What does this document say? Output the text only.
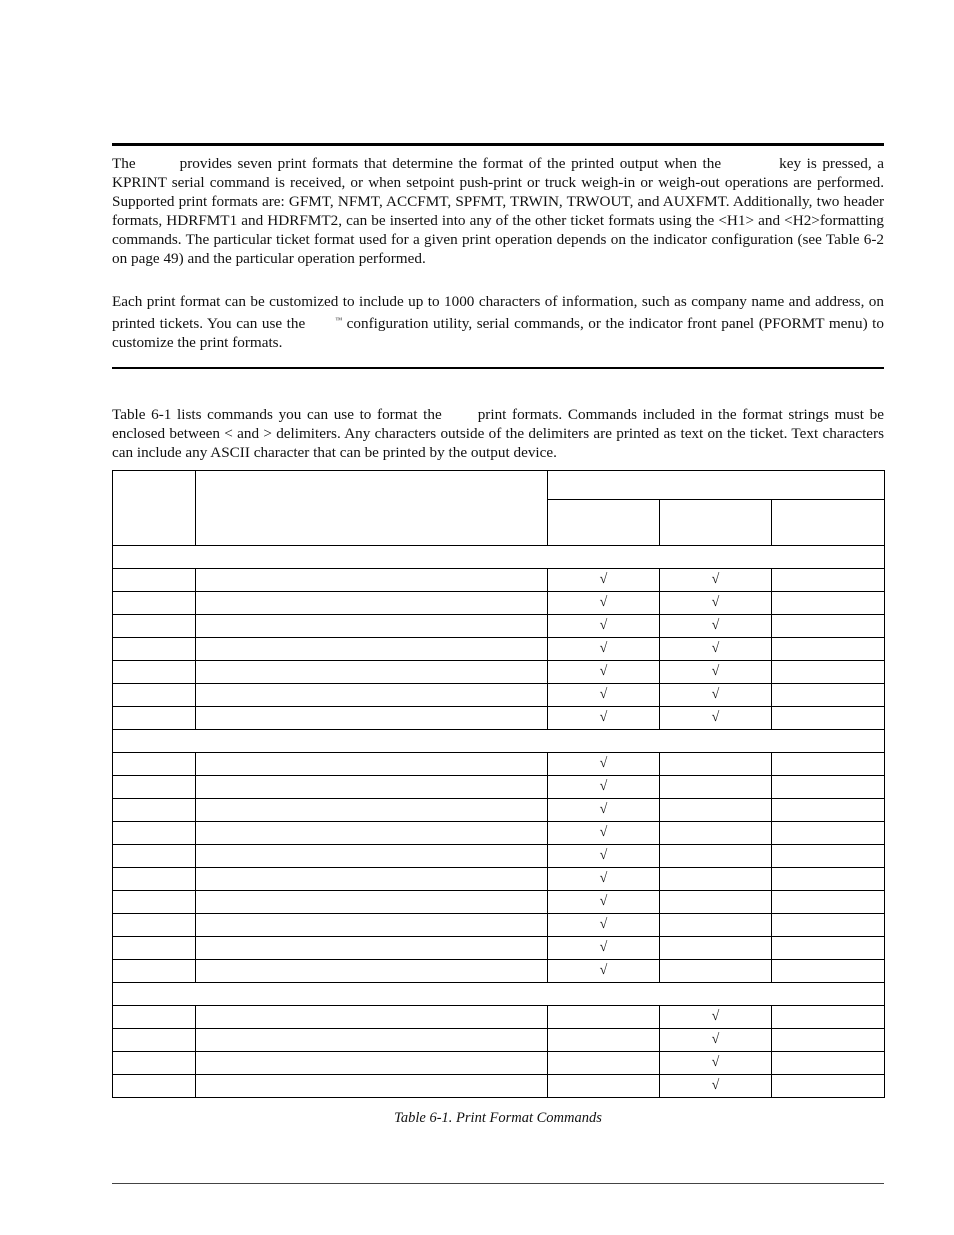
The	provides seven print formats that determine the format of the printed output when the	key is pressed, a KPRINT serial command is received, or when setpoint push-print or truck weigh-in or weigh-out operations are performed. Supported print formats are: GFMT, NFMT, ACCFMT, SPFMT, TRWIN, TRWOUT, and AUXFMT. Additionally, two header formats, HDRFMT1 and HDRFMT2, can be inserted into any of the other ticket formats using the <H1> and <H2>formatting commands. The particular ticket format used for a given print operation depends on the indicator configuration (see Table 6-2 on page 49) and the particular operation performed.

Each print format can be customized to include up to 1000 characters of information, such as company name and address, on printed tickets. You can use the	™ configuration utility, serial commands, or the indicator front panel (PFORMT menu) to customize the print formats.

Table 6-1 lists commands you can use to format the print formats. Commands included in the format strings must be enclosed between < and > delimiters. Any characters outside of the delimiters are printed as text on the ticket. Text characters can include any ASCII character that can be printed by the output device.

		√	√	
		√	√	
		√	√	
		√	√	
		√	√	
		√	√	
		√	√	

		√		
		√		
		√		
		√		
		√		
		√		
		√		
		√		
		√		
		√		

			√	
			√	
			√	
			√	
Table 6-1. Print Format Commands
